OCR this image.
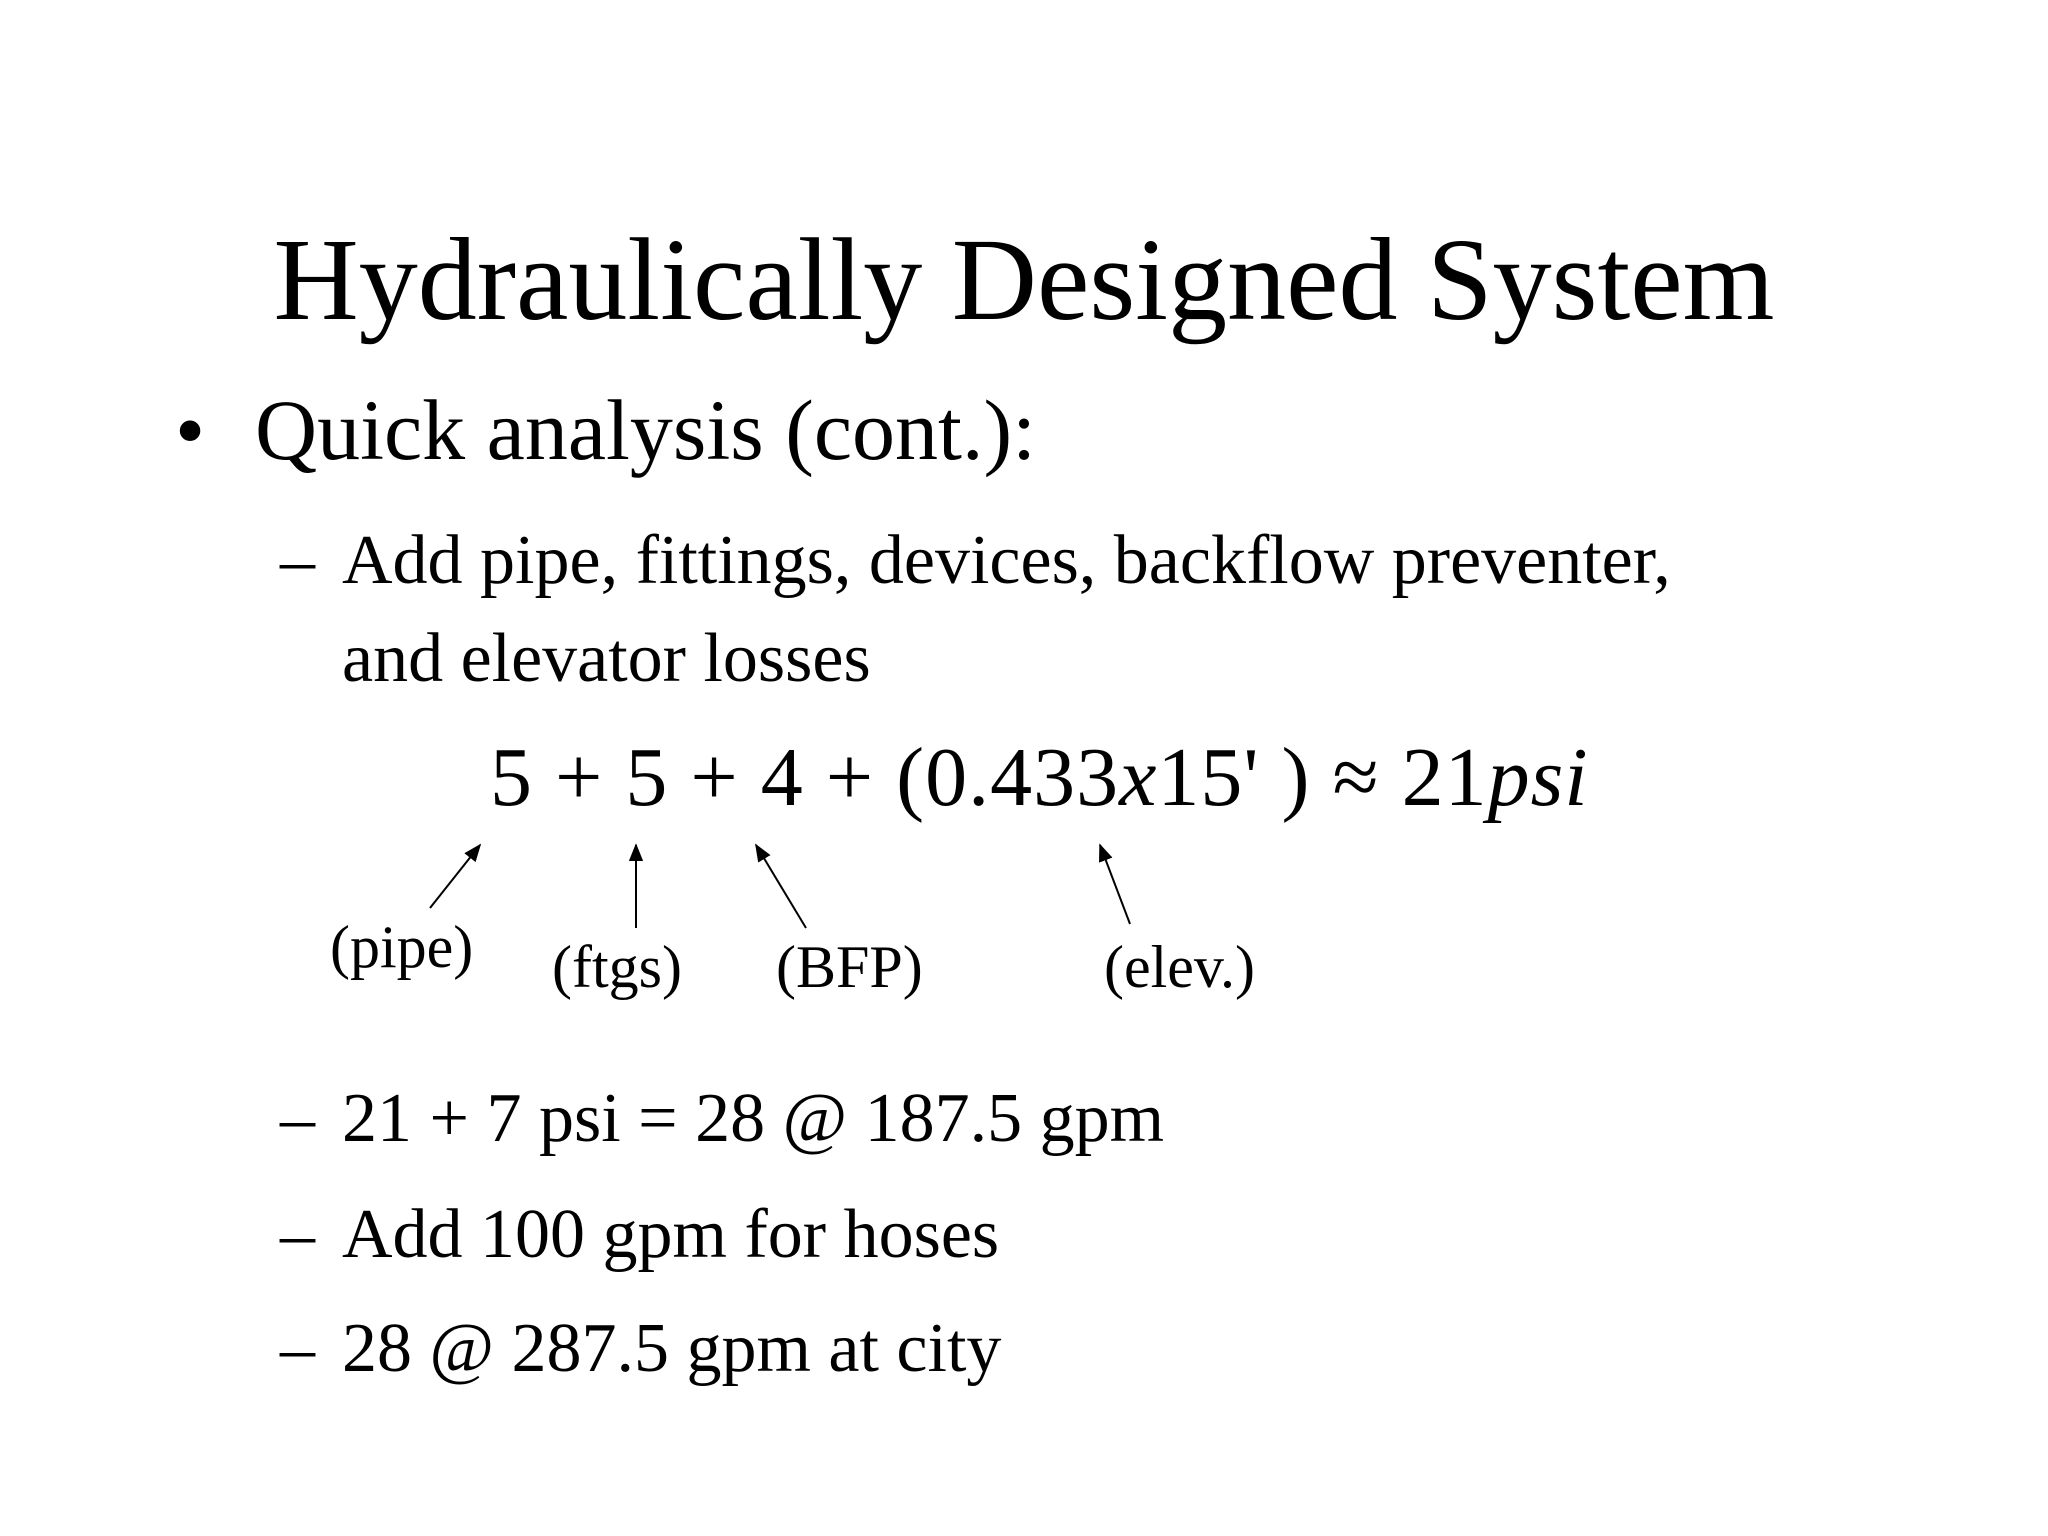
Hydraulically Designed System
• Quick analysis (cont.):
– Add pipe, fittings, devices, backflow preventer,
and elevator losses
5 + 5 + 4 + (0.433x15' ) ≈ 21psi
(pipe) (ftgs) (BFP)	(elev.)
– 21 + 7 psi = 28 @ 187.5 gpm
– Add 100 gpm for hoses
– 28 @ 287.5 gpm at city
